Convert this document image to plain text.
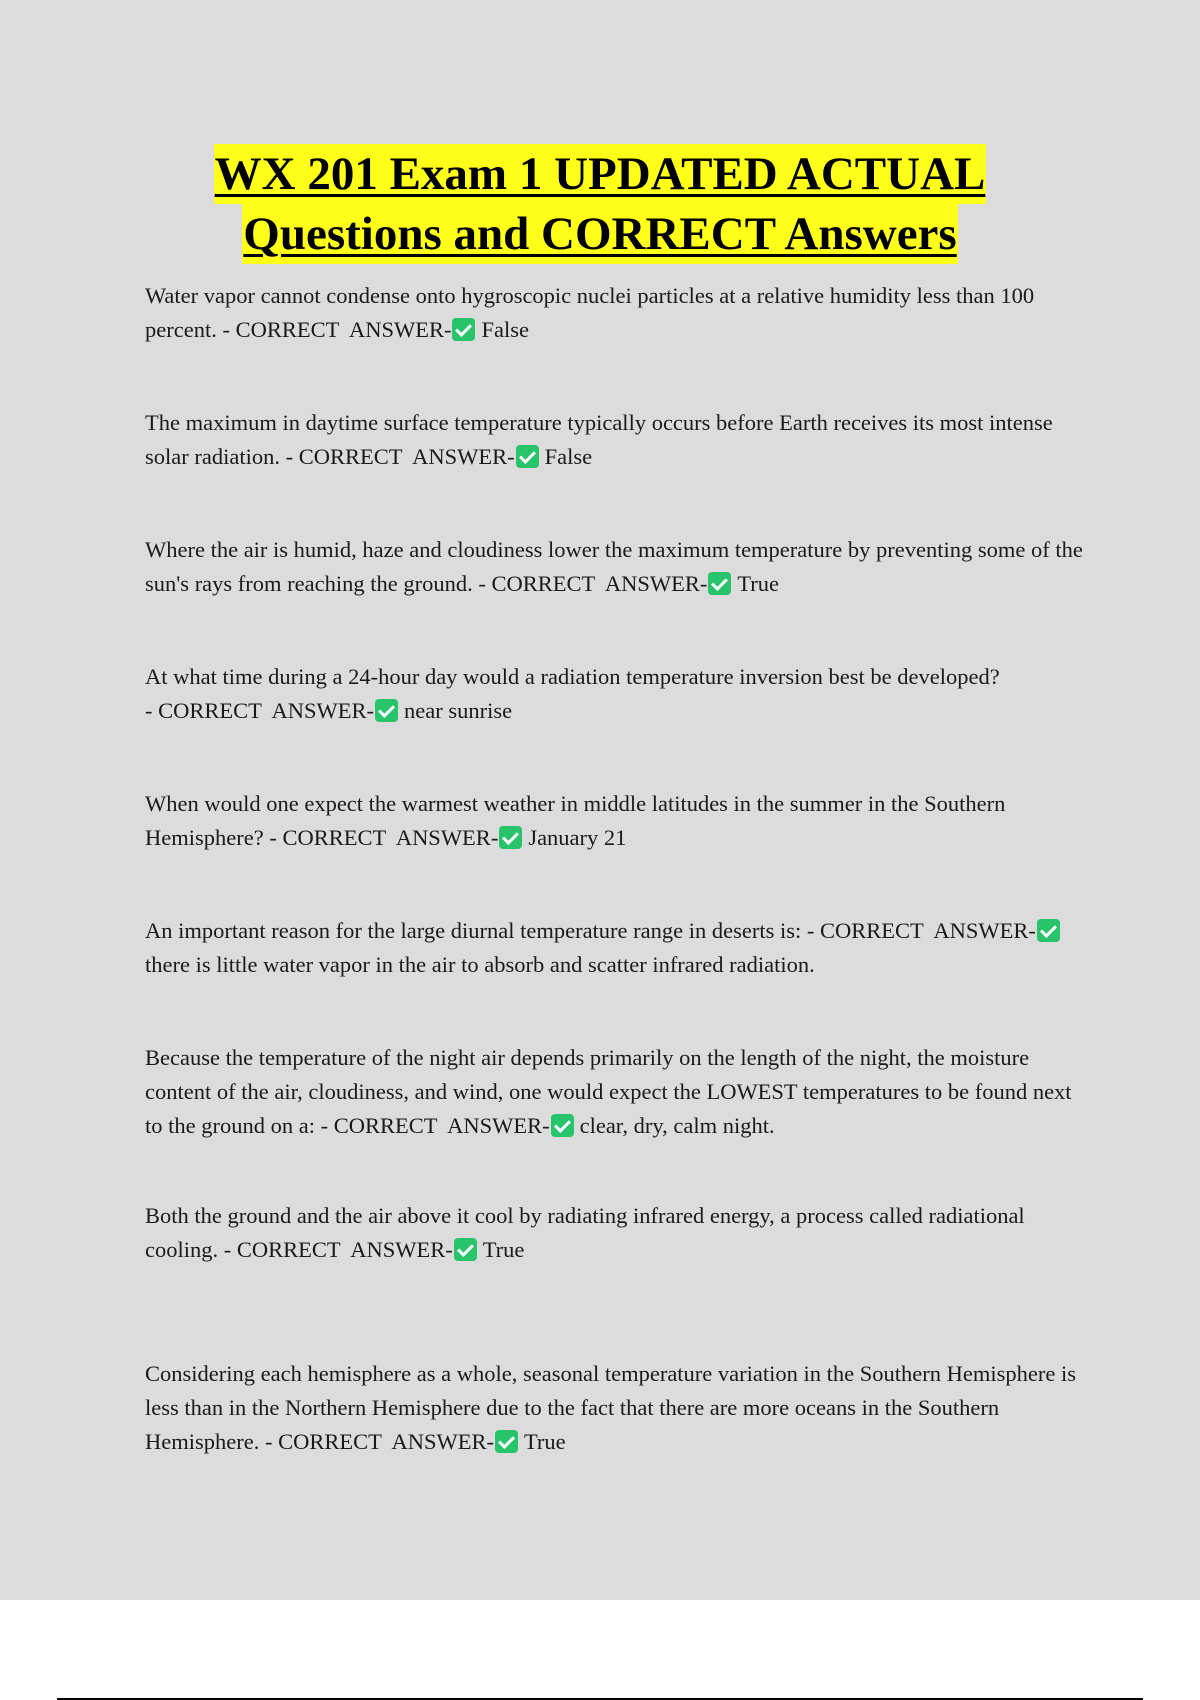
WX 201 Exam 1 UPDATED ACTUAL
Questions and CORRECT Answers

Water vapor cannot condense onto hygroscopic nuclei particles at a relative humidity less than 100 percent. - CORRECT  ANSWER- False

The maximum in daytime surface temperature typically occurs before Earth receives its most intense solar radiation. - CORRECT  ANSWER- False

Where the air is humid, haze and cloudiness lower the maximum temperature by preventing some of the sun's rays from reaching the ground. - CORRECT  ANSWER- True

At what time during a 24-hour day would a radiation temperature inversion best be developed? - CORRECT  ANSWER- near sunrise

When would one expect the warmest weather in middle latitudes in the summer in the Southern Hemisphere? - CORRECT  ANSWER- January 21

An important reason for the large diurnal temperature range in deserts is: - CORRECT  ANSWER-there is little water vapor in the air to absorb and scatter infrared radiation.

Because the temperature of the night air depends primarily on the length of the night, the moisture content of the air, cloudiness, and wind, one would expect the LOWEST temperatures to be found next to the ground on a: - CORRECT  ANSWER- clear, dry, calm night.

Both the ground and the air above it cool by radiating infrared energy, a process called radiational cooling. - CORRECT  ANSWER- True

Considering each hemisphere as a whole, seasonal temperature variation in the Southern Hemisphere is less than in the Northern Hemisphere due to the fact that there are more oceans in the Southern Hemisphere. - CORRECT  ANSWER- True
